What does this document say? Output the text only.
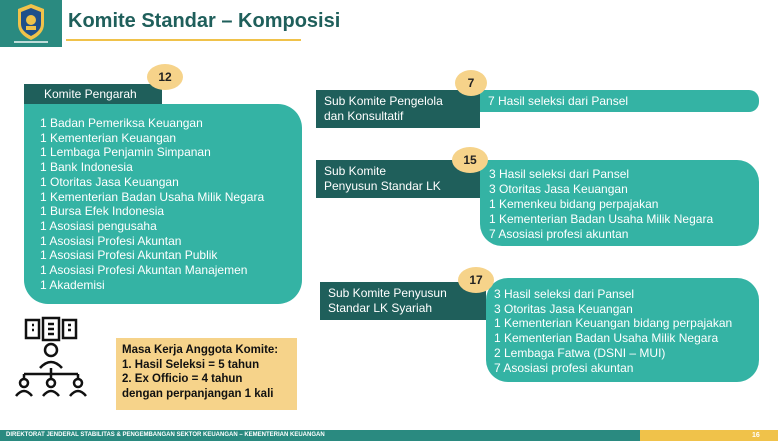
Komite Standar – Komposisi
Komite Pengarah
1 Badan Pemeriksa Keuangan
1 Kementerian Keuangan
1 Lembaga Penjamin Simpanan
1 Bank Indonesia
1 Otoritas Jasa Keuangan
1 Kementerian Badan Usaha Milik Negara
1 Bursa Efek Indonesia
1 Asosiasi pengusaha
1 Asosiasi Profesi Akuntan
1 Asosiasi Profesi Akuntan Publik
1 Asosiasi Profesi Akuntan Manajemen
1 Akademisi
12
Sub Komite Pengelola
dan Konsultatif
7 Hasil seleksi dari Pansel
7
Sub Komite
Penyusun Standar LK
3 Hasil seleksi dari Pansel
3 Otoritas Jasa Keuangan
1 Kemenkeu bidang perpajakan
1 Kementerian Badan Usaha Milik Negara
7 Asosiasi profesi akuntan
15
Sub Komite Penyusun
Standar LK Syariah
3 Hasil seleksi dari Pansel
3 Otoritas Jasa Keuangan
1 Kementerian Keuangan bidang perpajakan
1 Kementerian Badan Usaha Milik Negara
2 Lembaga Fatwa (DSNI – MUI)
7 Asosiasi profesi akuntan
17
Masa Kerja Anggota Komite:
1. Hasil Seleksi = 5 tahun
2. Ex Officio = 4 tahun
dengan perpanjangan 1 kali
DIREKTORAT JENDERAL STABILITAS & PENGEMBANGAN SEKTOR KEUANGAN – KEMENTERIAN KEUANGAN	16
